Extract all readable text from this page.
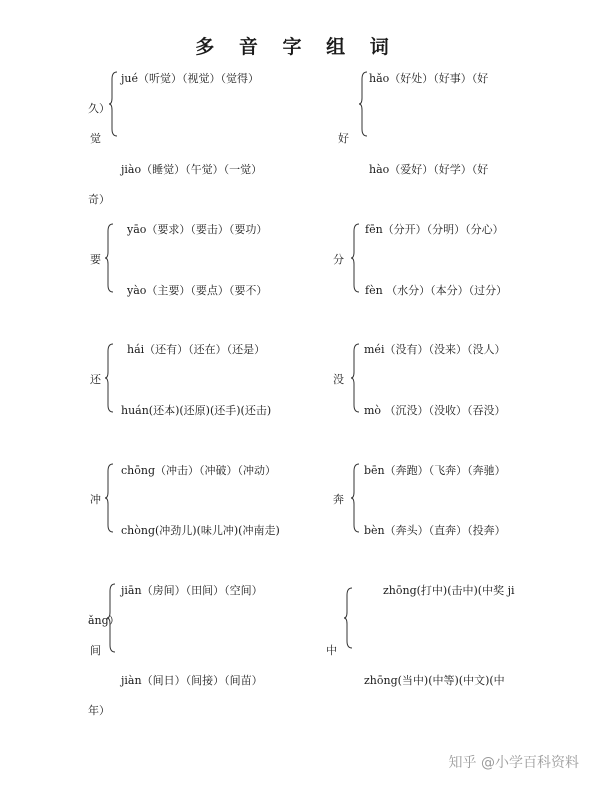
多 音 字 组 词
jué（听觉）（视觉）（觉得）
久）
觉
jiào（睡觉）（午觉）（一觉）
hǎo（好处）（好事）（好
好
hào（爱好）（好学）（好
奇）
yāo（要求）（要击）（要功）
要
yào（主要）（要点）（要不）
fēn（分开）（分明）（分心）
分
fèn （水分）（本分）（过分）
hái（还有）（还在）（还是）
还
huán(还本)(还原)(还手)(还击)
méi（没有）（没来）（没人）
没
mò （沉没）（没收）（吞没）
chōng（冲击）（冲破）（冲动）
冲
chòng(冲劲儿)(味儿冲)(冲南走)
bēn（奔跑）（飞奔）（奔驰）
奔
bèn（奔头）（直奔）（投奔）
jiān（房间）（田间）（空间）
ǎng）
间
jiàn（间日）（间接）（间苗）
zhōng(打中)(击中)(中奖 ji
中
zhōng(当中)(中等)(中文)(中
年）
知乎 @小学百科资料
